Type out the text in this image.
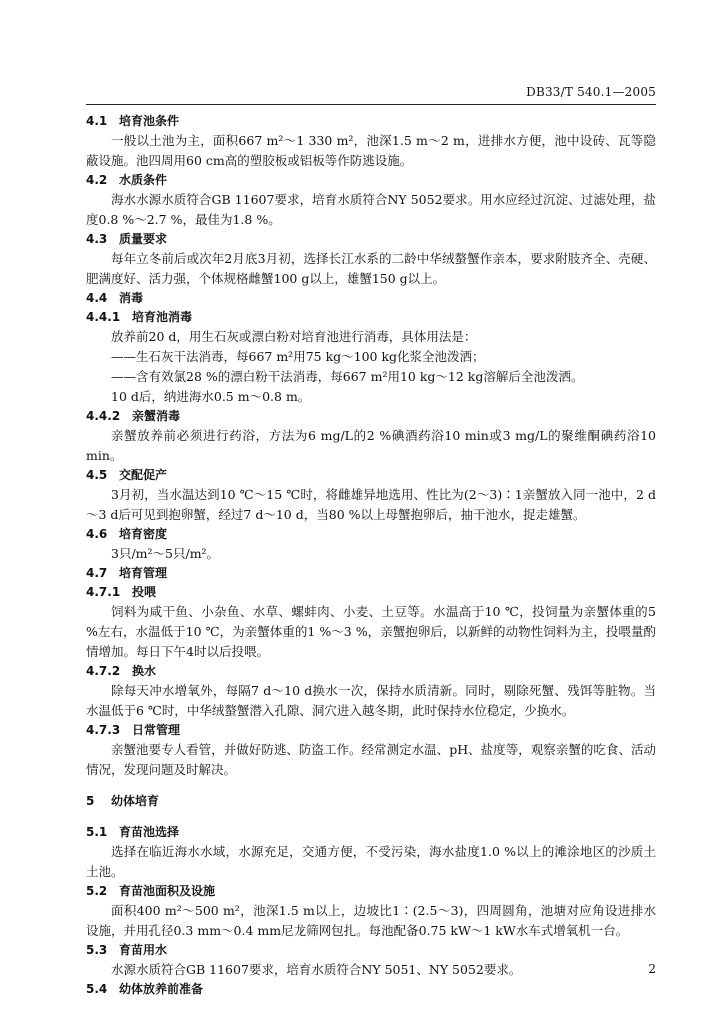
DB33/T 540.1—2005
4.1 培育池条件
一般以土池为主，面积667 m²～1 330 m²，池深1.5 m～2 m，进排水方便，池中设砖、瓦等隐蔽设施。池四周用60 cm高的塑胶板或铝板等作防逃设施。
4.2 水质条件
海水水源水质符合GB 11607要求，培育水质符合NY 5052要求。用水应经过沉淀、过滤处理，盐度0.8 %～2.7 %，最佳为1.8 %。
4.3 质量要求
每年立冬前后或次年2月底3月初，选择长江水系的二龄中华绒螯蟹作亲本，要求附肢齐全、壳硬、肥满度好、活力强，个体规格雌蟹100 g以上，雄蟹150 g以上。
4.4 消毒
4.4.1 培育池消毒
放养前20 d，用生石灰或漂白粉对培育池进行消毒，具体用法是：
——生石灰干法消毒，每667 m²用75 kg～100 kg化浆全池泼洒；
——含有效氯28 %的漂白粉干法消毒，每667 m²用10 kg～12 kg溶解后全池泼洒。
10 d后，纳进海水0.5 m～0.8 m。
4.4.2 亲蟹消毒
亲蟹放养前必须进行药浴，方法为6 mg/L的2 %碘酒药浴10 min或3 mg/L的聚维酮碘药浴10 min。
4.5 交配促产
3月初，当水温达到10 ℃～15 ℃时，将雌雄异地选用、性比为(2～3)∶1亲蟹放入同一池中，2 d～3 d后可见到抱卵蟹，经过7 d～10 d，当80 %以上母蟹抱卵后，抽干池水，捉走雄蟹。
4.6 培育密度
3只/m²～5只/m²。
4.7 培育管理
4.7.1 投喂
饲料为咸干鱼、小杂鱼、水草、螺蚌肉、小麦、土豆等。水温高于10 ℃，投饲量为亲蟹体重的5 %左右，水温低于10 ℃，为亲蟹体重的1 %～3 %，亲蟹抱卵后，以新鲜的动物性饲料为主，投喂量酌情增加。每日下午4时以后投喂。
4.7.2 换水
除每天冲水增氧外，每隔7 d～10 d换水一次，保持水质清新。同时，剔除死蟹、残饵等脏物。当水温低于6 ℃时，中华绒螯蟹潜入孔隙、洞穴进入越冬期，此时保持水位稳定，少换水。
4.7.3 日常管理
亲蟹池要专人看管，并做好防逃、防盗工作。经常测定水温、pH、盐度等，观察亲蟹的吃食、活动情况，发现问题及时解决。
5 幼体培育
5.1 育苗池选择
选择在临近海水水域，水源充足，交通方便，不受污染，海水盐度1.0 %以上的滩涂地区的沙质土土池。
5.2 育苗池面积及设施
面积400 m²～500 m²，池深1.5 m以上，边坡比1∶(2.5～3)，四周圆角，池塘对应角设进排水设施，并用孔径0.3 mm～0.4 mm尼龙筛网包扎。每池配备0.75 kW～1 kW水车式增氧机一台。
5.3 育苗用水
水源水质符合GB 11607要求，培育水质符合NY 5051、NY 5052要求。
5.4 幼体放养前准备
2
